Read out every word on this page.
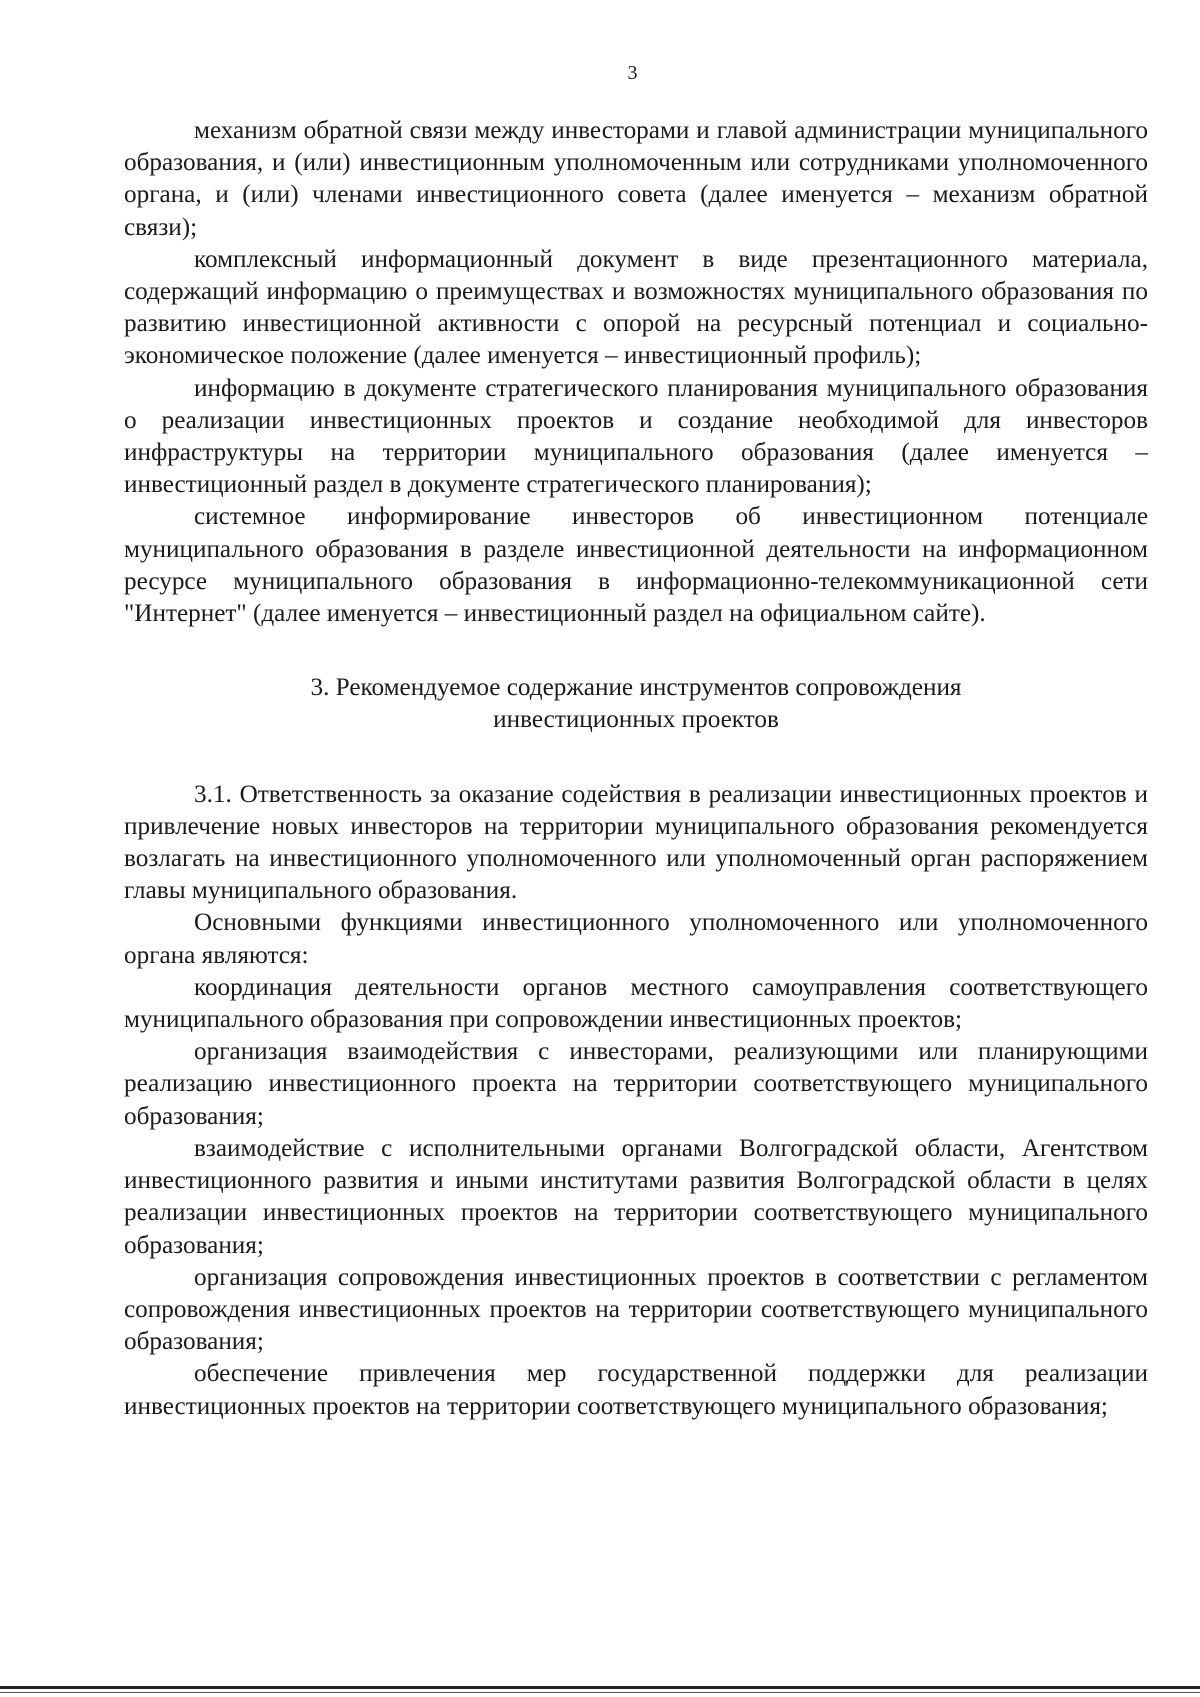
3

механизм обратной связи между инвесторами и главой администрации муниципального образования, и (или) инвестиционным уполномоченным или сотрудниками уполномоченного органа, и (или) членами инвестиционного совета (далее именуется – механизм обратной связи);

комплексный информационный документ в виде презентационного материала, содержащий информацию о преимуществах и возможностях муниципального образования по развитию инвестиционной активности с опорой на ресурсный потенциал и социально-экономическое положение (далее именуется – инвестиционный профиль);

информацию в документе стратегического планирования муниципального образования о реализации инвестиционных проектов и создание необходимой для инвесторов инфраструктуры на территории муниципального образования (далее именуется – инвестиционный раздел в документе стратегического планирования);

системное информирование инвесторов об инвестиционном потенциале муниципального образования в разделе инвестиционной деятельности на информационном ресурсе муниципального образования в информационно-телекоммуникационной сети "Интернет" (далее именуется – инвестиционный раздел на официальном сайте).

3. Рекомендуемое содержание инструментов сопровождения
инвестиционных проектов

3.1. Ответственность за оказание содействия в реализации инвестиционных проектов и привлечение новых инвесторов на территории муниципального образования рекомендуется возлагать на инвестиционного уполномоченного или уполномоченный орган распоряжением главы муниципального образования.

Основными функциями инвестиционного уполномоченного или уполномоченного органа являются:

координация деятельности органов местного самоуправления соответствующего муниципального образования при сопровождении инвестиционных проектов;

организация взаимодействия с инвесторами, реализующими или планирующими реализацию инвестиционного проекта на территории соответствующего муниципального образования;

взаимодействие с исполнительными органами Волгоградской области, Агентством инвестиционного развития и иными институтами развития Волгоградской области в целях реализации инвестиционных проектов на территории соответствующего муниципального образования;

организация сопровождения инвестиционных проектов в соответствии с регламентом сопровождения инвестиционных проектов на территории соответствующего муниципального образования;

обеспечение привлечения мер государственной поддержки для реализации инвестиционных проектов на территории соответствующего муниципального образования;
